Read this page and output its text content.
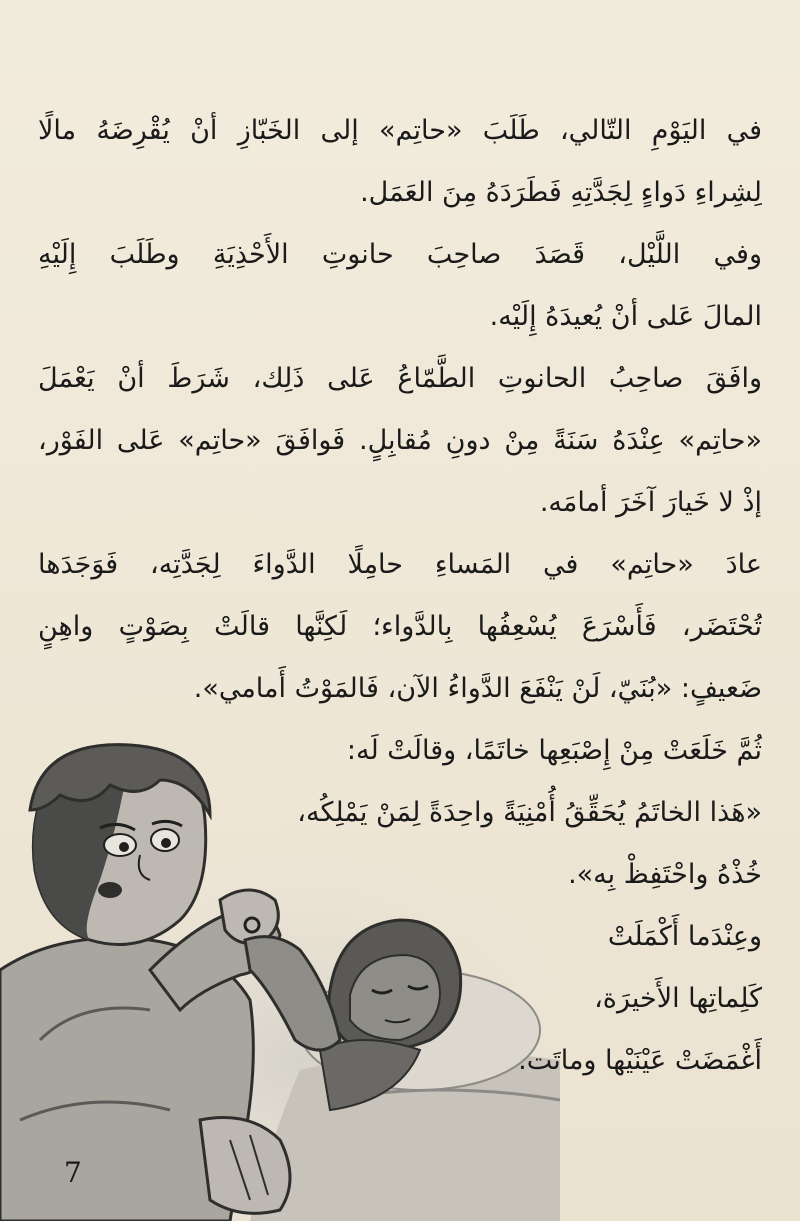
في اليَوْمِ التّالي، طَلَبَ «حاتِم» إلى الخَبّازِ أنْ يُقْرِضَهُ مالًا
لِشِراءِ دَواءٍ لِجَدَّتِهِ فَطَرَدَهُ مِنَ العَمَل.
وفي اللَّيْل، قَصَدَ صاحِبَ حانوتِ الأَحْذِيَةِ وطَلَبَ إِلَيْهِ
المالَ عَلى أنْ يُعيدَهُ إِلَيْه.
وافَقَ صاحِبُ الحانوتِ الطَّمّاعُ عَلى ذَلِك، شَرَطَ أنْ يَعْمَلَ
«حاتِم» عِنْدَهُ سَنَةً مِنْ دونِ مُقابِلٍ. فَوافَقَ «حاتِم» عَلى الفَوْر،
إذْ لا خَيارَ آخَرَ أمامَه.
عادَ «حاتِم» في المَساءِ حامِلًا الدَّواءَ لِجَدَّتِه، فَوَجَدَها
تُحْتَضَر، فَأَسْرَعَ يُسْعِفُها بِالدَّواء؛ لَكِنَّها قالَتْ بِصَوْتٍ واهِنٍ
ضَعيفٍ: «بُنَيّ، لَنْ يَنْفَعَ الدَّواءُ الآن، فَالمَوْتُ أَمامي».
ثُمَّ خَلَعَتْ مِنْ إِصْبَعِها خاتَمًا، وقالَتْ لَه:
«هَذا الخاتَمُ يُحَقِّقُ أُمْنِيَةً واحِدَةً لِمَنْ يَمْلِكُه،
خُذْهُ واحْتَفِظْ بِه».
وعِنْدَما أَكْمَلَتْ
كَلِماتِها الأَخيرَة،
أَغْمَضَتْ عَيْنَيْها وماتَت.
7
